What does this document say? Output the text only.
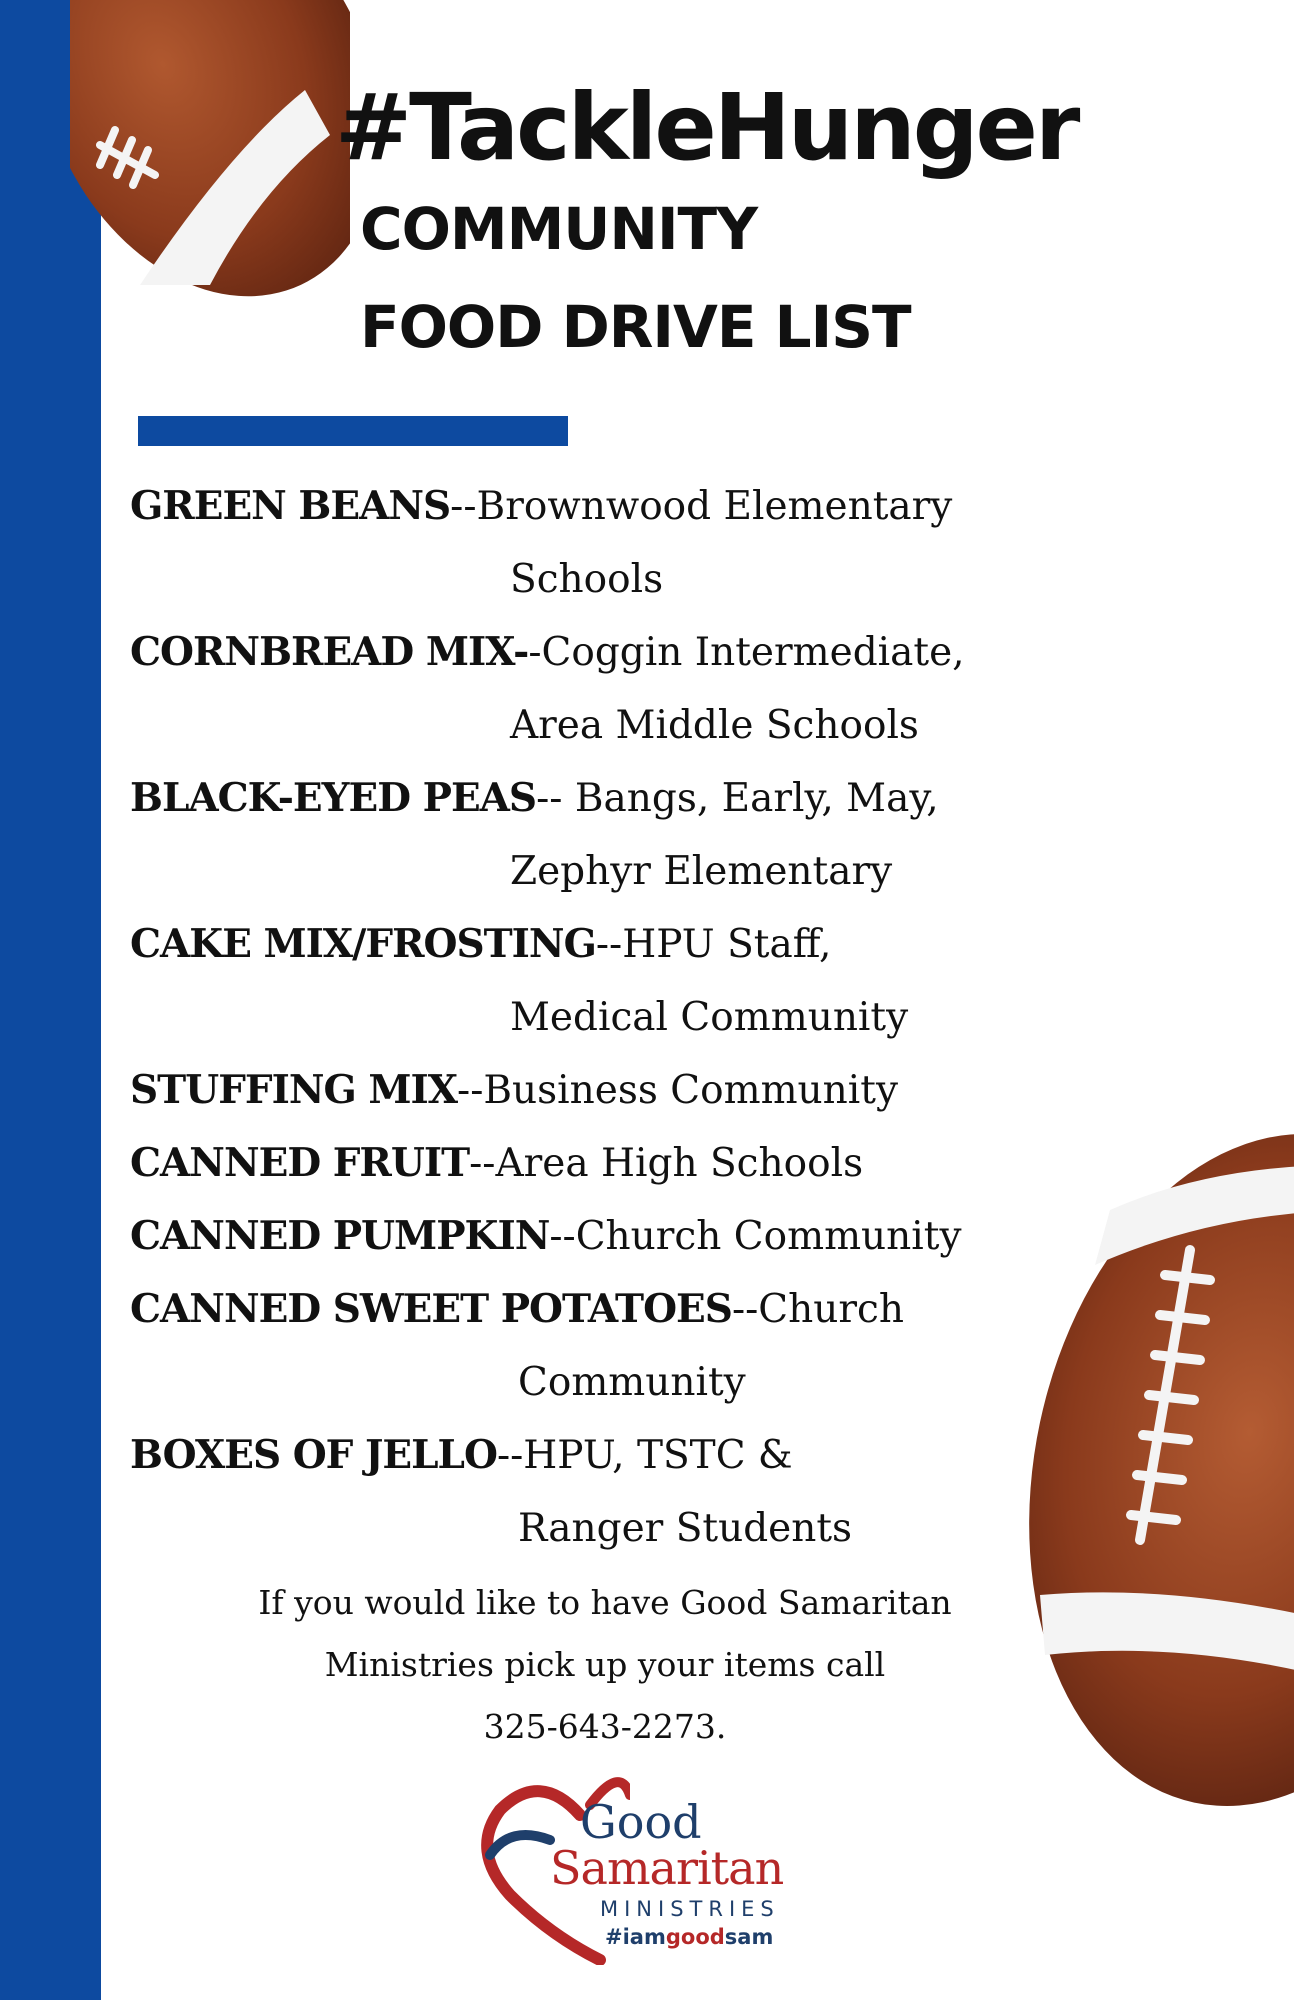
#TackleHunger
COMMUNITY
FOOD DRIVE LIST
GREEN BEANS--Brownwood Elementary
Schools
CORNBREAD MIX--Coggin Intermediate,
Area Middle Schools
BLACK-EYED PEAS-- Bangs, Early, May,
Zephyr Elementary
CAKE MIX/FROSTING--HPU Staff,
Medical Community
STUFFING MIX--Business Community
CANNED FRUIT--Area High Schools
CANNED PUMPKIN--Church Community
CANNED SWEET POTATOES--Church
Community
BOXES OF JELLO--HPU, TSTC &
Ranger Students
If you would like to have Good Samaritan
Ministries pick up your items call
325-643-2273.
Good
Samaritan
MINISTRIES
#iamgoodsam
